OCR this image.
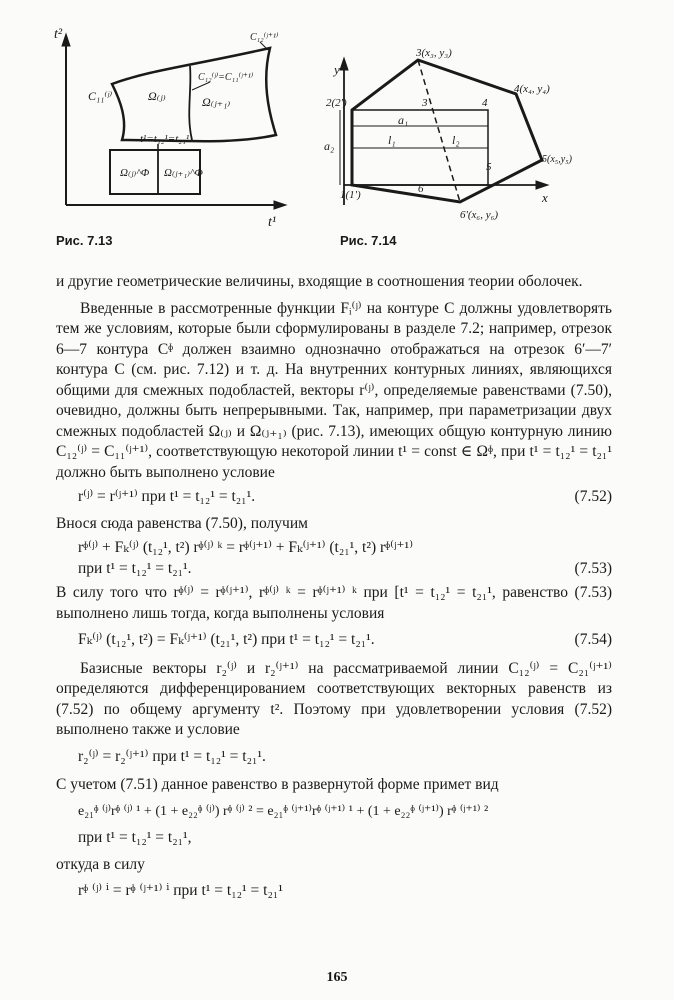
t²
t¹
C₁₁⁽ʲ⁾	Ω₍ⱼ₎
C₁₂⁽ʲ⁾=C₁₁⁽ʲ⁺¹⁾
C₁₂⁽ʲ⁺¹⁾
Ω₍ⱼ₊₁₎
t¹=t₁₂¹=t₂₁¹
Ω₍ⱼ₎^Φ Ω₍ⱼ₊₁₎^Φ
Рис. 7.13
y
x
1(1')
2(2')
3(x₃, y₃)
4(x₄, y₄)
5(x₅,y₅)
6'(x₆, y₆)
3	4
5
6
a₁
a₂	l₁	l₂
Рис. 7.14

и другие геометрические величины, входящие в соотношения теории оболочек.

Введенные в рассмотренные функции Fᵢ⁽ʲ⁾ на контуре C должны удовлетворять тем же условиям, которые были сформулированы в разделе 7.2; например, отрезок 6—7 контура Cᶲ должен взаимно однозначно отображаться на отрезок 6′—7′ контура C (см. рис. 7.12) и т. д. На внутренних контурных линиях, являющихся общими для смежных подобластей, векторы r⁽ʲ⁾, определяемые равенствами (7.50), очевидно, должны быть непрерывными. Так, например, при параметризации двух смежных подобластей Ω₍ⱼ₎ и Ω₍ⱼ₊₁₎ (рис. 7.13), имеющих общую контурную линию C₁₂⁽ʲ⁾ = C₁₁⁽ʲ⁺¹⁾, соответствующую некоторой линии t¹ = const ∈ Ωᶲ, при t¹ = t₁₂¹ = t₂₁¹ должно быть выполнено условие

r⁽ʲ⁾ = r⁽ʲ⁺¹⁾ при t¹ = t₁₂¹ = t₂₁¹.	(7.52)

Внося сюда равенства (7.50), получим

rᶲ⁽ʲ⁾ + Fₖ⁽ʲ⁾ (t₁₂¹, t²) rᶲ⁽ʲ⁾ ᵏ = rᶲ⁽ʲ⁺¹⁾ + Fₖ⁽ʲ⁺¹⁾ (t₂₁¹, t²) rᶲ⁽ʲ⁺¹⁾
при t¹ = t₁₂¹ = t₂₁¹.	(7.53)

В силу того что rᶲ⁽ʲ⁾ = rᶲ⁽ʲ⁺¹⁾, rᶲ⁽ʲ⁾ ᵏ = rᶲ⁽ʲ⁺¹⁾ ᵏ при [t¹ = t₁₂¹ = t₂₁¹, равенство (7.53) выполнено лишь тогда, когда выполнены условия

Fₖ⁽ʲ⁾ (t₁₂¹, t²) = Fₖ⁽ʲ⁺¹⁾ (t₂₁¹, t²) при t¹ = t₁₂¹ = t₂₁¹.	(7.54)

Базисные векторы r₂⁽ʲ⁾ и r₂⁽ʲ⁺¹⁾ на рассматриваемой линии C₁₂⁽ʲ⁾ = C₂₁⁽ʲ⁺¹⁾ определяются дифференцированием соответствующих векторных равенств из (7.52) по общему аргументу t². Поэтому при удовлетворении условия (7.52) выполнено также и условие

r₂⁽ʲ⁾ = r₂⁽ʲ⁺¹⁾ при t¹ = t₁₂¹ = t₂₁¹.

С учетом (7.51) данное равенство в развернутой форме примет вид

e₂₁ᶲ ⁽ʲ⁾rᶲ ⁽ʲ⁾ ¹ + (1 + e₂₂ᶲ ⁽ʲ⁾) rᶲ ⁽ʲ⁾ ² = e₂₁ᶲ ⁽ʲ⁺¹⁾rᶲ ⁽ʲ⁺¹⁾ ¹ + (1 + e₂₂ᶲ ⁽ʲ⁺¹⁾) rᶲ ⁽ʲ⁺¹⁾ ²
при t¹ = t₁₂¹ = t₂₁¹,

откуда в силу

rᶲ ⁽ʲ⁾ ⁱ = rᶲ ⁽ʲ⁺¹⁾ ⁱ при t¹ = t₁₂¹ = t₂₁¹
165
